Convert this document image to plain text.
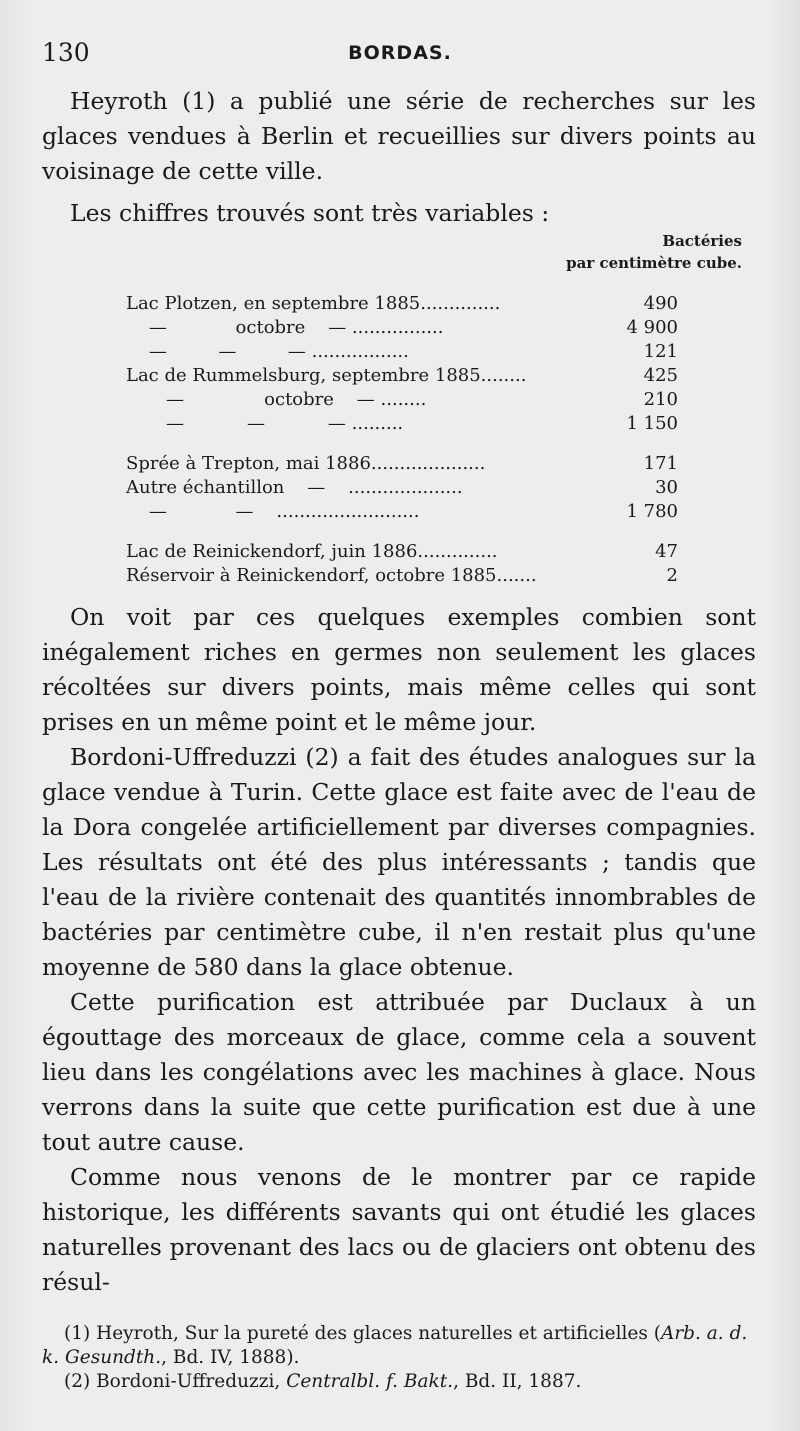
130	BORDAS.

Heyroth (1) a publié une série de recherches sur les glaces vendues à Berlin et recueillies sur divers points au voisinage de cette ville.

Les chiffres trouvés sont très variables :

Bactéries
par centimètre cube.
Lac Plotzen, en septembre 1885..............	490
—            octobre    — ................	4 900
—         —         — .................	121
Lac de Rummelsburg, septembre 1885........	425
—              octobre    — ........	210
—           —           — .........	1 150
Sprée à Trepton, mai 1886....................	171
Autre échantillon    —    ....................	30
—            —    .........................	1 780
Lac de Reinickendorf, juin 1886..............	47
Réservoir à Reinickendorf, octobre 1885.......	2

On voit par ces quelques exemples combien sont inégalement riches en germes non seulement les glaces récoltées sur divers points, mais même celles qui sont prises en un même point et le même jour.

Bordoni-Uffreduzzi (2) a fait des études analogues sur la glace vendue à Turin. Cette glace est faite avec de l'eau de la Dora congelée artificiellement par diverses compagnies. Les résultats ont été des plus intéressants ; tandis que l'eau de la rivière contenait des quantités innombrables de bactéries par centimètre cube, il n'en restait plus qu'une moyenne de 580 dans la glace obtenue.

Cette purification est attribuée par Duclaux à un égouttage des morceaux de glace, comme cela a souvent lieu dans les congélations avec les machines à glace. Nous verrons dans la suite que cette purification est due à une tout autre cause.

Comme nous venons de le montrer par ce rapide historique, les différents savants qui ont étudié les glaces naturelles provenant des lacs ou de glaciers ont obtenu des résul-

(1) Heyroth, Sur la pureté des glaces naturelles et artificielles (Arb. a. d. k. Gesundth., Bd. IV, 1888).

(2) Bordoni-Uffreduzzi, Centralbl. f. Bakt., Bd. II, 1887.
